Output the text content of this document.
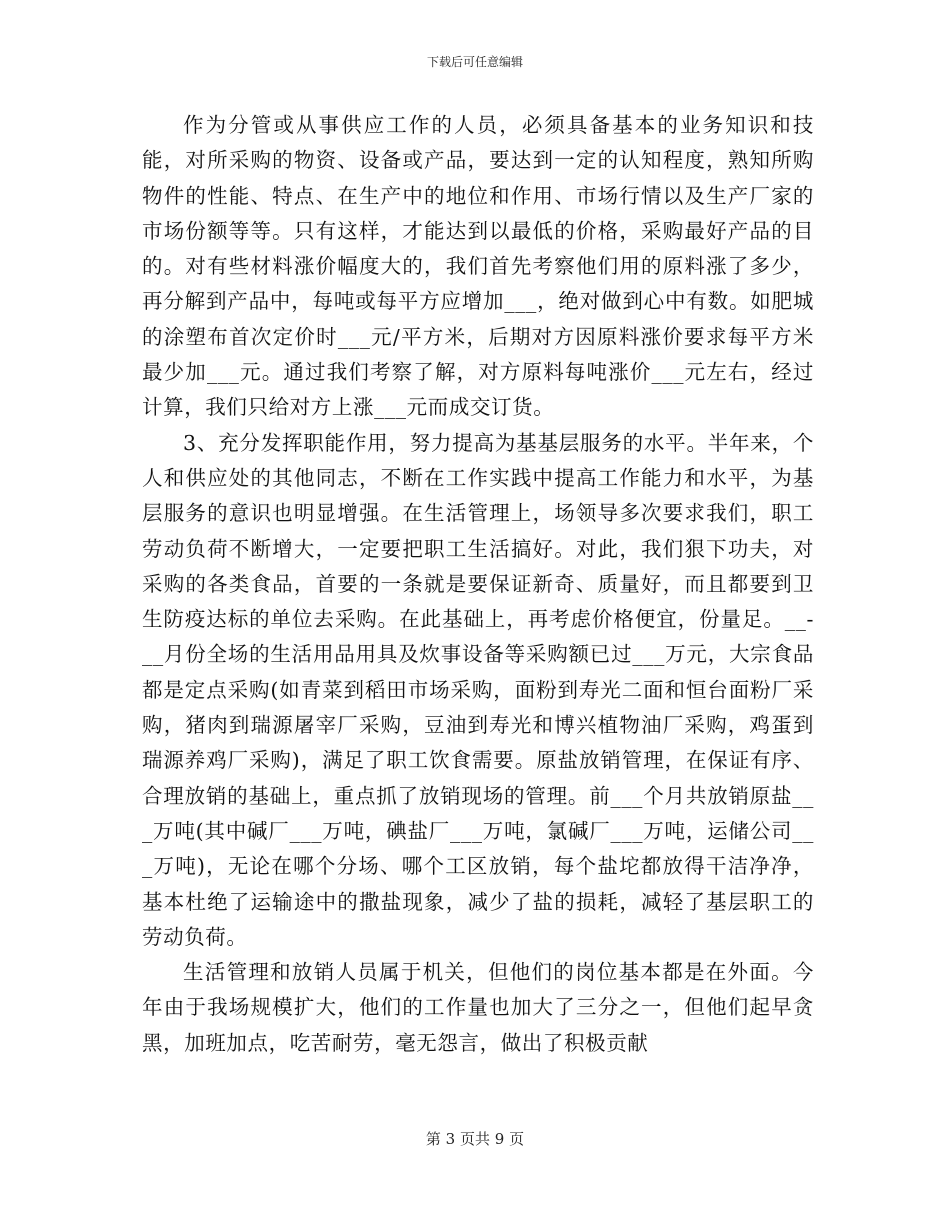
下载后可任意编辑

作为分管或从事供应工作的人员，必须具备基本的业务知识和技能，对所采购的物资、设备或产品，要达到一定的认知程度，熟知所购物件的性能、特点、在生产中的地位和作用、市场行情以及生产厂家的市场份额等等。只有这样，才能达到以最低的价格，采购最好产品的目的。对有些材料涨价幅度大的，我们首先考察他们用的原料涨了多少，再分解到产品中，每吨或每平方应增加___，绝对做到心中有数。如肥城的涂塑布首次定价时___元/平方米，后期对方因原料涨价要求每平方米最少加___元。通过我们考察了解，对方原料每吨涨价___元左右，经过计算，我们只给对方上涨___元而成交订货。

3、充分发挥职能作用，努力提高为基基层服务的水平。半年来，个人和供应处的其他同志，不断在工作实践中提高工作能力和水平，为基层服务的意识也明显增强。在生活管理上，场领导多次要求我们，职工劳动负荷不断增大，一定要把职工生活搞好。对此，我们狠下功夫，对采购的各类食品，首要的一条就是要保证新奇、质量好，而且都要到卫生防疫达标的单位去采购。在此基础上，再考虑价格便宜，份量足。__-__月份全场的生活用品用具及炊事设备等采购额已过___万元，大宗食品都是定点采购(如青菜到稻田市场采购，面粉到寿光二面和恒台面粉厂采购，猪肉到瑞源屠宰厂采购，豆油到寿光和博兴植物油厂采购，鸡蛋到瑞源养鸡厂采购)，满足了职工饮食需要。原盐放销管理，在保证有序、合理放销的基础上，重点抓了放销现场的管理。前___个月共放销原盐___万吨(其中碱厂___万吨，碘盐厂___万吨，氯碱厂___万吨，运储公司___万吨)，无论在哪个分场、哪个工区放销，每个盐坨都放得干洁净净，基本杜绝了运输途中的撒盐现象，减少了盐的损耗，减轻了基层职工的劳动负荷。

生活管理和放销人员属于机关，但他们的岗位基本都是在外面。今年由于我场规模扩大，他们的工作量也加大了三分之一，但他们起早贪黑，加班加点，吃苦耐劳，毫无怨言，做出了积极贡献

第 3 页共 9 页
